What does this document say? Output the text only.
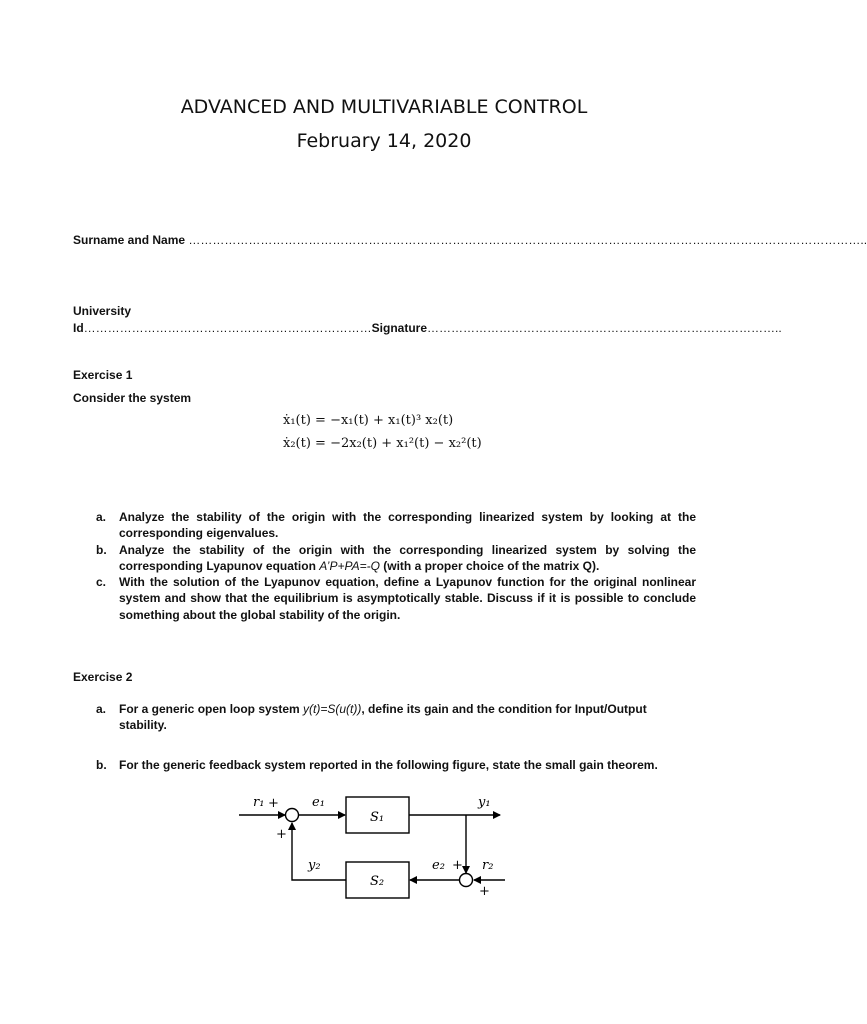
ADVANCED AND MULTIVARIABLE CONTROL
February 14, 2020
Surname and Name ……………………………………………………………………………………………………………………………………………………..
University
Id………………………………………………………………Signature……………………………………………………………………………..
Exercise 1
Consider the system
ẋ₁(t) = −x₁(t) + x₁(t)³ x₂(t)
ẋ₂(t) = −2x₂(t) + x₁²(t) − x₂²(t)
a. Analyze the stability of the origin with the corresponding linearized system by looking at the corresponding eigenvalues.
b. Analyze the stability of the origin with the corresponding linearized system by solving the corresponding Lyapunov equation A’P+PA=-Q (with a proper choice of the matrix Q).
c. With the solution of the Lyapunov equation, define a Lyapunov function for the original nonlinear system and show that the equilibrium is asymptotically stable. Discuss if it is possible to conclude something about the global stability of the origin.
Exercise 2
a. For a generic open loop system y(t)=S(u(t)), define its gain and the condition for Input/Output stability.
b. For the generic feedback system reported in the following figure, state the small gain theorem.
r₁	e₁
S₁
y₁
y₂
S₂
e₂	r₂
+
+
+
+
